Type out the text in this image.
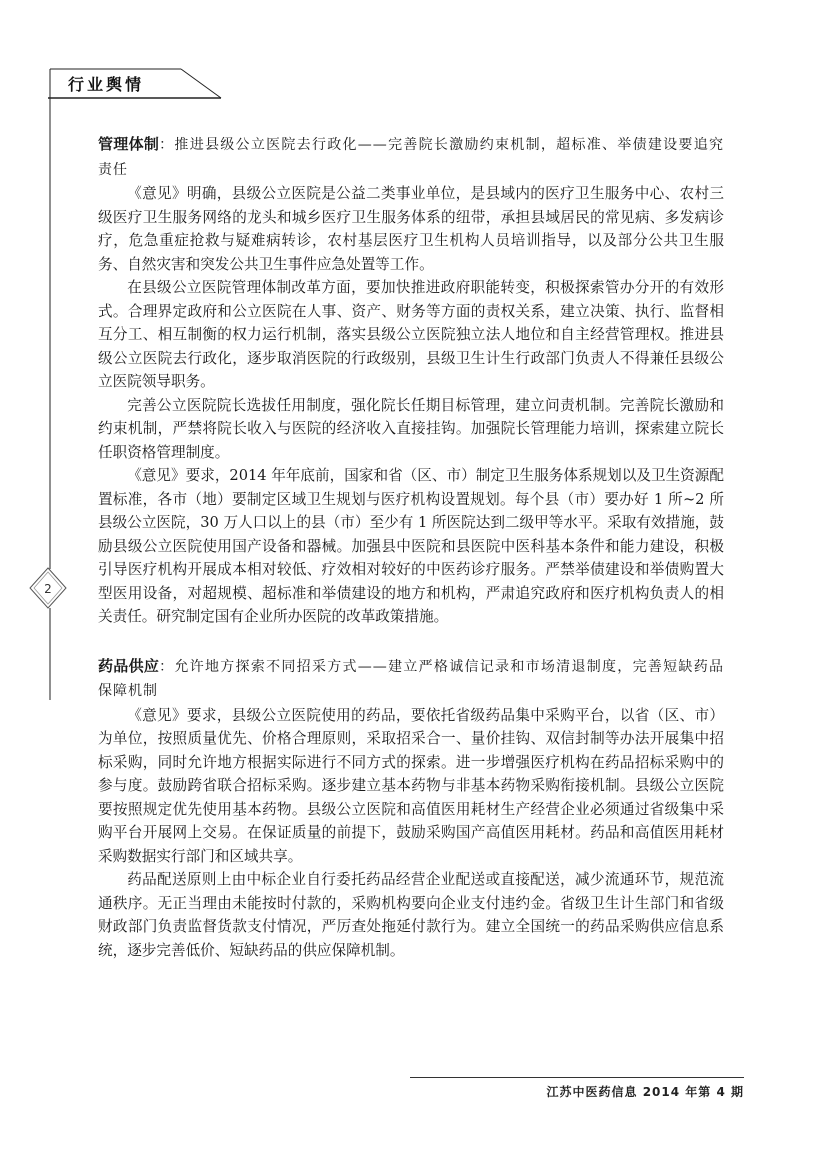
行业舆情
2

管理体制：推进县级公立医院去行政化——完善院长激励约束机制，超标准、举债建设要追究责任

《意见》明确，县级公立医院是公益二类事业单位，是县域内的医疗卫生服务中心、农村三级医疗卫生服务网络的龙头和城乡医疗卫生服务体系的纽带，承担县域居民的常见病、多发病诊疗，危急重症抢救与疑难病转诊，农村基层医疗卫生机构人员培训指导，以及部分公共卫生服务、自然灾害和突发公共卫生事件应急处置等工作。

在县级公立医院管理体制改革方面，要加快推进政府职能转变，积极探索管办分开的有效形式。合理界定政府和公立医院在人事、资产、财务等方面的责权关系，建立决策、执行、监督相互分工、相互制衡的权力运行机制，落实县级公立医院独立法人地位和自主经营管理权。推进县级公立医院去行政化，逐步取消医院的行政级别，县级卫生计生行政部门负责人不得兼任县级公立医院领导职务。

完善公立医院院长选拔任用制度，强化院长任期目标管理，建立问责机制。完善院长激励和约束机制，严禁将院长收入与医院的经济收入直接挂钩。加强院长管理能力培训，探索建立院长任职资格管理制度。

《意见》要求，2014 年年底前，国家和省（区、市）制定卫生服务体系规划以及卫生资源配置标准，各市（地）要制定区域卫生规划与医疗机构设置规划。每个县（市）要办好 1 所~2 所县级公立医院，30 万人口以上的县（市）至少有 1 所医院达到二级甲等水平。采取有效措施，鼓励县级公立医院使用国产设备和器械。加强县中医院和县医院中医科基本条件和能力建设，积极引导医疗机构开展成本相对较低、疗效相对较好的中医药诊疗服务。严禁举债建设和举债购置大型医用设备，对超规模、超标准和举债建设的地方和机构，严肃追究政府和医疗机构负责人的相关责任。研究制定国有企业所办医院的改革政策措施。

药品供应：允许地方探索不同招采方式——建立严格诚信记录和市场清退制度，完善短缺药品保障机制

《意见》要求，县级公立医院使用的药品，要依托省级药品集中采购平台，以省（区、市）为单位，按照质量优先、价格合理原则，采取招采合一、量价挂钩、双信封制等办法开展集中招标采购，同时允许地方根据实际进行不同方式的探索。进一步增强医疗机构在药品招标采购中的参与度。鼓励跨省联合招标采购。逐步建立基本药物与非基本药物采购衔接机制。县级公立医院要按照规定优先使用基本药物。县级公立医院和高值医用耗材生产经营企业必须通过省级集中采购平台开展网上交易。在保证质量的前提下，鼓励采购国产高值医用耗材。药品和高值医用耗材采购数据实行部门和区域共享。

药品配送原则上由中标企业自行委托药品经营企业配送或直接配送，减少流通环节，规范流通秩序。无正当理由未能按时付款的，采购机构要向企业支付违约金。省级卫生计生部门和省级财政部门负责监督货款支付情况，严厉查处拖延付款行为。建立全国统一的药品采购供应信息系统，逐步完善低价、短缺药品的供应保障机制。

江苏中医药信息 2014 年第 4 期
